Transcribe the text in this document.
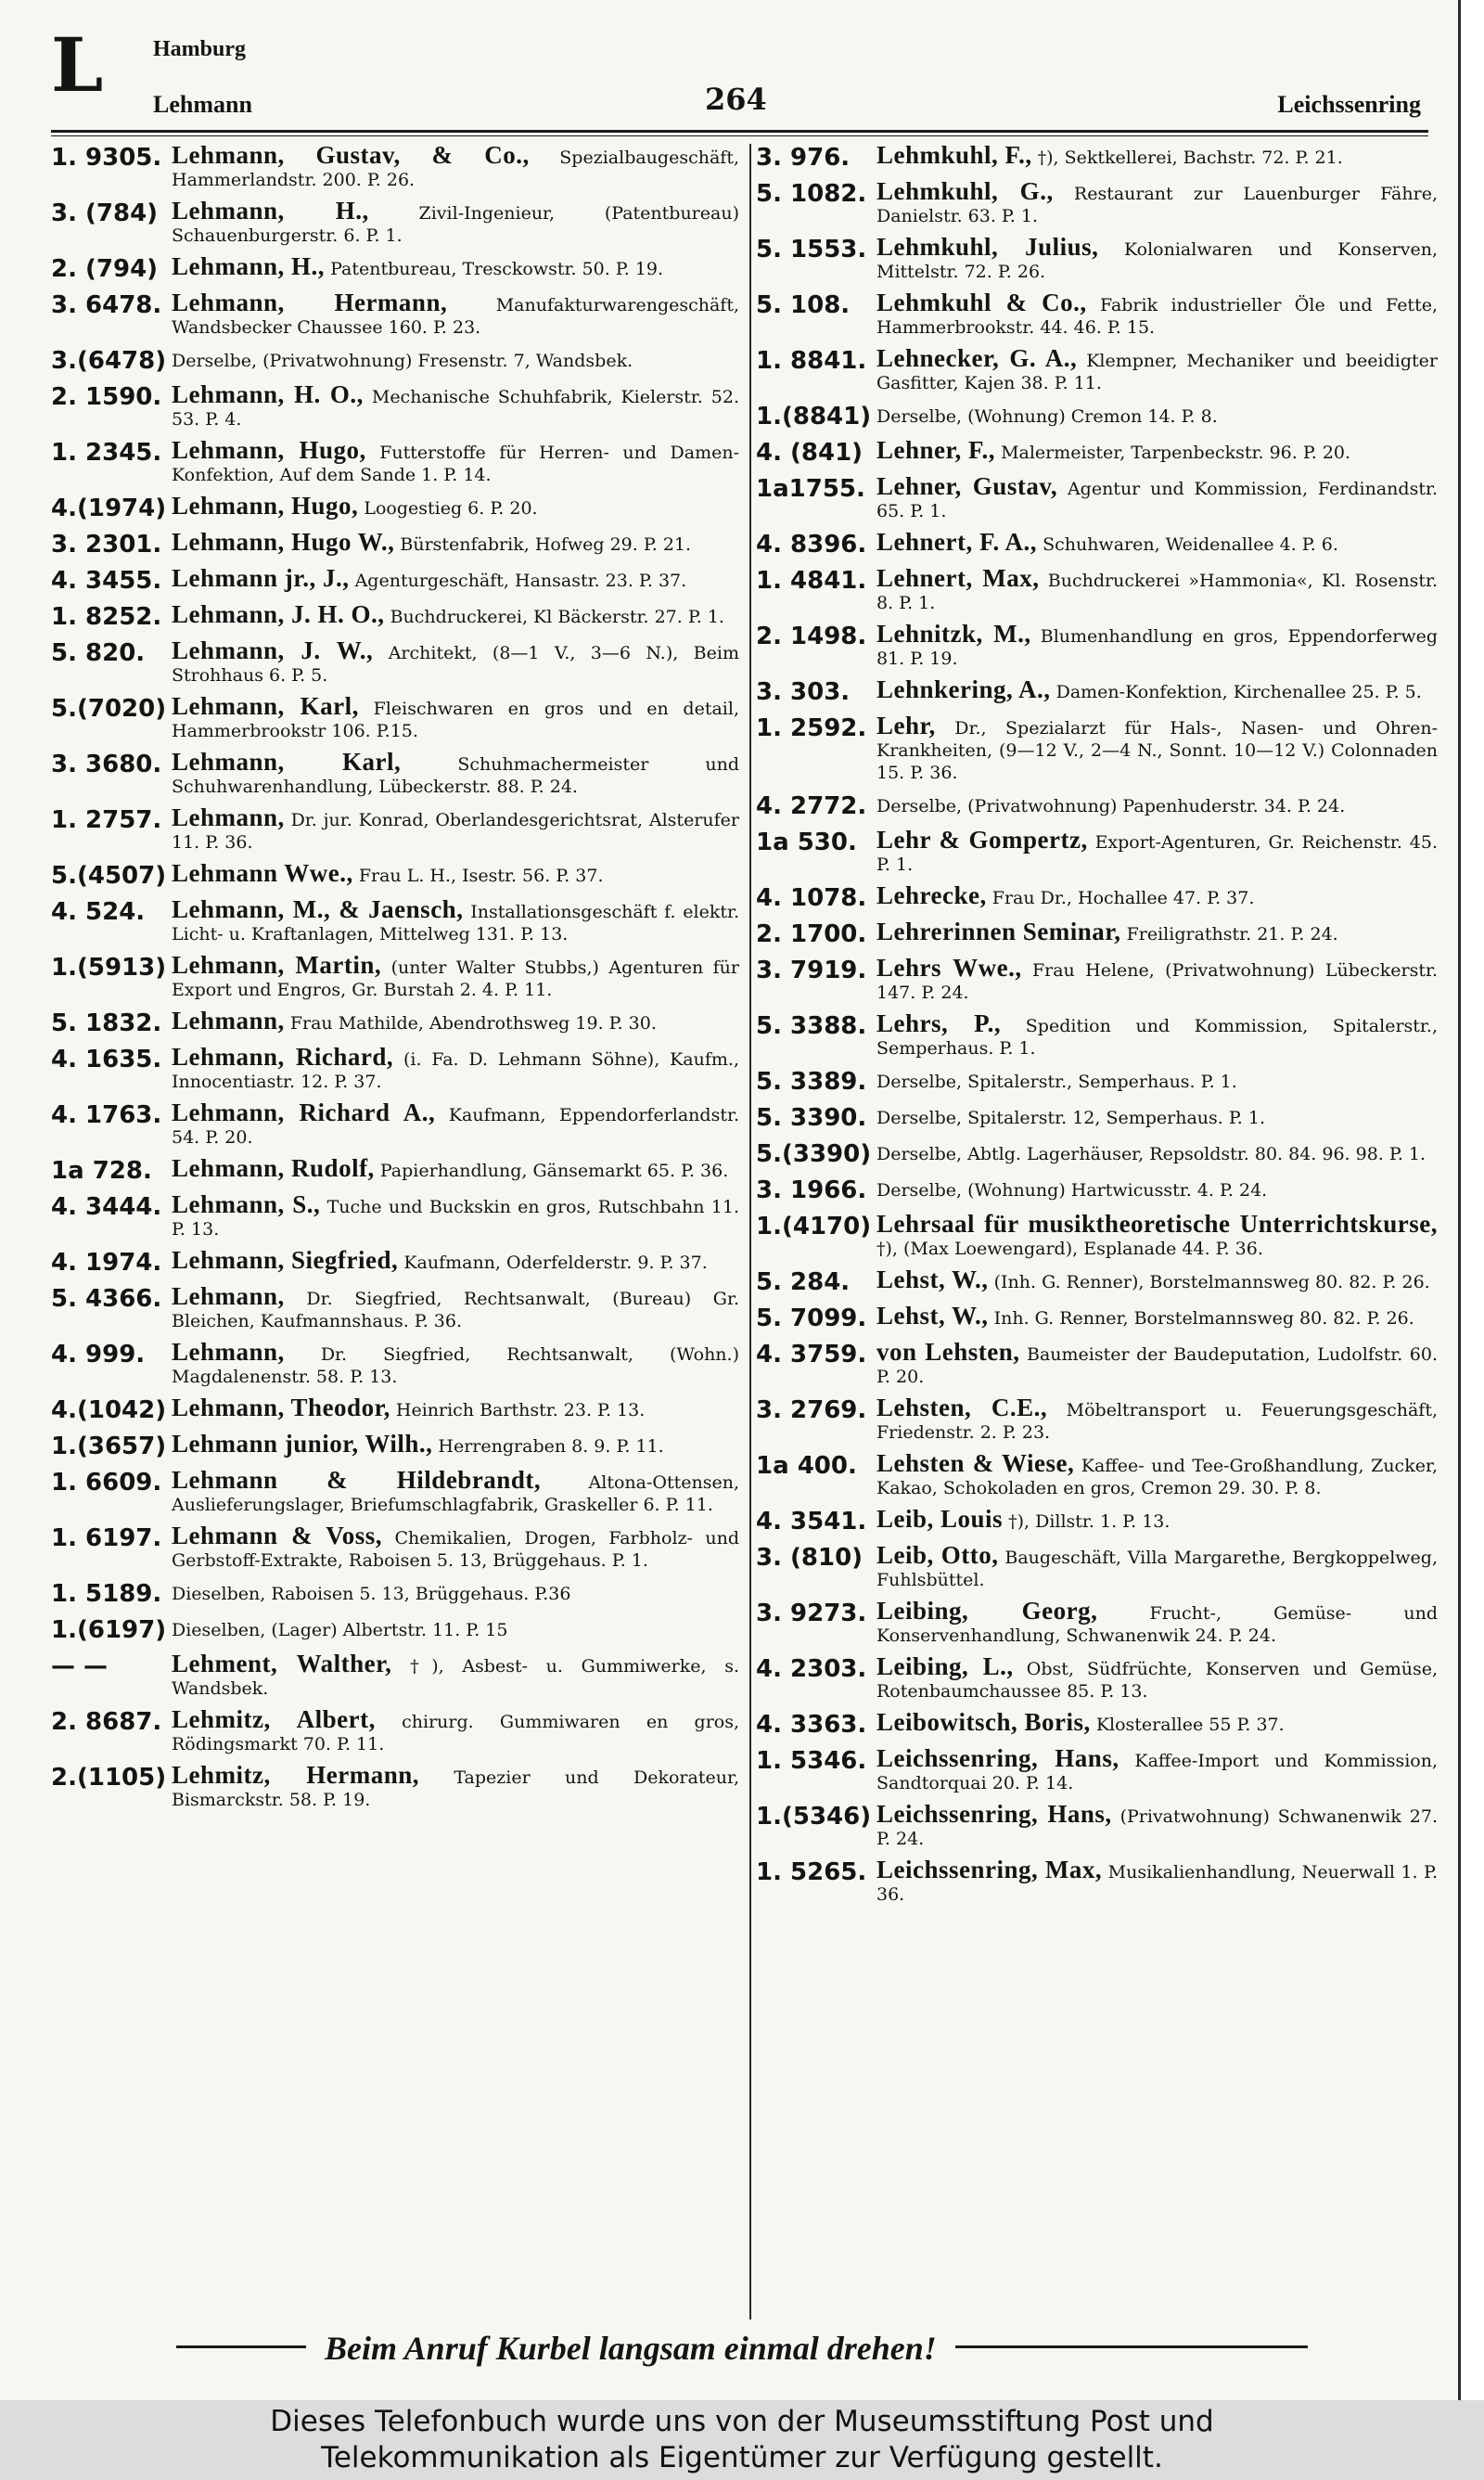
L Hamburg
Lehmann	264	Leichssenring
1. 9305. Lehmann, Gustav, & Co., Spezialbaugeschäft, Hammerlandstr. 200. P. 26.
3. (784) Lehmann, H.,	Zivil-Ingenieur, (Patentbureau) Schauenburgerstr. 6. P. 1.
2. (794) Lehmann, H., Patentbureau, Tresckowstr. 50. P. 19.
3. 6478. Lehmann, Hermann,	Manufakturwarengeschäft, Wandsbecker Chaussee 160. P. 23.
3.(6478) Derselbe, (Privatwohnung) Fresenstr. 7, Wandsbek.
2. 1590. Lehmann, H. O., Mechanische Schuhfabrik, Kielerstr. 52. 53. P. 4.
1. 2345. Lehmann, Hugo, Futterstoffe für Herren- und Damen-Konfektion, Auf dem Sande 1. P. 14.
4.(1974) Lehmann, Hugo, Loogestieg 6. P. 20.
3. 2301. Lehmann, Hugo W., Bürstenfabrik, Hofweg 29. P. 21.
4. 3455. Lehmann jr., J., Agenturgeschäft, Hansastr. 23. P. 37.
1. 8252. Lehmann, J. H. O., Buchdruckerei, Kl Bäckerstr. 27. P. 1.
5. 820.	Lehmann, J. W., Architekt, (8—1 V., 3—6 N.), Beim Strohhaus 6. P. 5.
5.(7020) Lehmann, Karl, Fleischwaren en gros und en detail, Hammerbrookstr 106. P.15.
3. 3680. Lehmann, Karl,	Schuhmachermeister und Schuhwarenhandlung, Lübeckerstr. 88. P. 24.
1. 2757. Lehmann, Dr. jur. Konrad, Oberlandesgerichtsrat, Alsterufer 11. P. 36.
5.(4507) Lehmann Wwe., Frau L. H., Isestr. 56. P. 37.
4. 524.	Lehmann, M., & Jaensch, Installationsgeschäft f. elektr. Licht- u. Kraftanlagen, Mittelweg 131. P. 13.
1.(5913) Lehmann, Martin, (unter Walter Stubbs,) Agenturen für Export und Engros, Gr. Burstah 2. 4. P. 11.
5. 1832. Lehmann, Frau Mathilde, Abendrothsweg 19. P. 30.
4. 1635. Lehmann, Richard, (i. Fa. D. Lehmann Söhne), Kaufm., Innocentiastr. 12. P. 37.
4. 1763. Lehmann, Richard A., Kaufmann, Eppendorferlandstr. 54. P. 20.
1a 728. Lehmann, Rudolf, Papierhandlung, Gänsemarkt 65. P. 36.
4. 3444. Lehmann, S., Tuche und Buckskin en gros, Rutschbahn 11. P. 13.
4. 1974. Lehmann, Siegfried, Kaufmann, Oderfelderstr. 9. P. 37.
5. 4366. Lehmann, Dr. Siegfried, Rechtsanwalt, (Bureau) Gr. Bleichen, Kaufmannshaus. P. 36.
4. 999.	Lehmann, Dr. Siegfried, Rechtsanwalt, (Wohn.) Magdalenenstr. 58. P. 13.
4.(1042) Lehmann, Theodor, Heinrich Barthstr. 23. P. 13.
1.(3657) Lehmann junior, Wilh., Herrengraben 8. 9. P. 11.
1. 6609. Lehmann & Hildebrandt,	Altona-Ottensen, Auslieferungslager, Briefumschlagfabrik, Graskeller 6. P. 11.
1. 6197. Lehmann & Voss, Chemikalien, Drogen, Farbholz- und Gerbstoff-Extrakte, Raboisen 5. 13, Brüggehaus. P. 1.
1. 5189. Dieselben, Raboisen 5. 13, Brüggehaus. P.36
1.(6197) Dieselben, (Lager) Albertstr. 11. P. 15
— —	Lehment, Walther, †), Asbest- u. Gummiwerke, s. Wandsbek.
2. 8687. Lehmitz, Albert, chirurg. Gummiwaren en gros, Rödingsmarkt 70. P. 11.
2.(1105) Lehmitz, Hermann, Tapezier und Dekorateur, Bismarckstr. 58. P. 19.
3. 976.	Lehmkuhl, F., †), Sektkellerei, Bachstr. 72. P. 21.
5. 1082. Lehmkuhl, G., Restaurant zur Lauenburger Fähre, Danielstr. 63. P. 1.
5. 1553. Lehmkuhl, Julius, Kolonialwaren und Konserven, Mittelstr. 72. P. 26.
5. 108.	Lehmkuhl & Co., Fabrik industrieller Öle und Fette, Hammerbrookstr. 44. 46. P. 15.
1. 8841. Lehnecker, G. A., Klempner, Mechaniker und beeidigter Gasfitter, Kajen 38. P. 11.
1.(8841) Derselbe, (Wohnung) Cremon 14. P. 8.
4. (841) Lehner, F., Malermeister, Tarpenbeckstr. 96. P. 20.
1a1755. Lehner, Gustav, Agentur und Kommission, Ferdinandstr. 65. P. 1.
4. 8396. Lehnert, F. A., Schuhwaren, Weidenallee 4. P. 6.
1. 4841. Lehnert, Max, Buchdruckerei »Hammonia«, Kl. Rosenstr. 8. P. 1.
2. 1498. Lehnitzk, M., Blumenhandlung en gros, Eppendorferweg 81. P. 19.
3. 303.	Lehnkering, A., Damen-Konfektion, Kirchenallee 25. P. 5.
1. 2592. Lehr, Dr., Spezialarzt für Hals-, Nasen- und Ohren-Krankheiten, (9—12 V., 2—4 N., Sonnt. 10—12 V.) Colonnaden 15. P. 36.
4. 2772. Derselbe, (Privatwohnung) Papenhuderstr. 34. P. 24.
1a 530. Lehr & Gompertz, Export-Agenturen, Gr. Reichenstr. 45. P. 1.
4. 1078. Lehrecke, Frau Dr., Hochallee 47. P. 37.
2. 1700. Lehrerinnen Seminar, Freiligrathstr. 21. P. 24.
3. 7919. Lehrs Wwe., Frau Helene, (Privatwohnung) Lübeckerstr. 147. P. 24.
5. 3388. Lehrs, P., Spedition und Kommission, Spitalerstr., Semperhaus. P. 1.
5. 3389. Derselbe, Spitalerstr., Semperhaus. P. 1.
5. 3390. Derselbe, Spitalerstr. 12, Semperhaus. P. 1.
5.(3390) Derselbe, Abtlg. Lagerhäuser, Repsoldstr. 80. 84. 96. 98. P. 1.
3. 1966. Derselbe, (Wohnung) Hartwicusstr. 4. P. 24.
1.(4170) Lehrsaal für musiktheoretische Unterrichtskurse, †), (Max Loewengard), Esplanade 44. P. 36.
5. 284.	Lehst, W., (Inh. G. Renner), Borstelmannsweg 80. 82. P. 26.
5. 7099. Lehst, W., Inh. G. Renner, Borstelmannsweg 80. 82. P. 26.
4. 3759. von Lehsten, Baumeister der Baudeputation, Ludolfstr. 60. P. 20.
3. 2769. Lehsten, C.E., Möbeltransport u. Feuerungsgeschäft, Friedenstr. 2. P. 23.
1a 400. Lehsten & Wiese, Kaffee- und Tee-Großhandlung, Zucker, Kakao, Schokoladen en gros, Cremon 29. 30. P. 8.
4. 3541. Leib, Louis †), Dillstr. 1. P. 13.
3. (810) Leib, Otto, Baugeschäft, Villa Margarethe, Bergkoppelweg, Fuhlsbüttel.
3. 9273. Leibing, Georg,	Frucht-, Gemüse- und Konservenhandlung, Schwanenwik 24. P. 24.
4. 2303. Leibing, L., Obst, Südfrüchte, Konserven und Gemüse, Rotenbaumchaussee 85. P. 13.
4. 3363. Leibowitsch, Boris, Klosterallee 55 P. 37.
1. 5346. Leichssenring, Hans, Kaffee-Import und Kommission, Sandtorquai 20. P. 14.
1.(5346) Leichssenring, Hans, (Privatwohnung) Schwanenwik 27. P. 24.
1. 5265. Leichssenring, Max, Musikalienhandlung, Neuerwall 1. P. 36.
Beim Anruf Kurbel langsam einmal drehen!
Dieses Telefonbuch wurde uns von der Museumsstiftung Post und
Telekommunikation als Eigentümer zur Verfügung gestellt.
